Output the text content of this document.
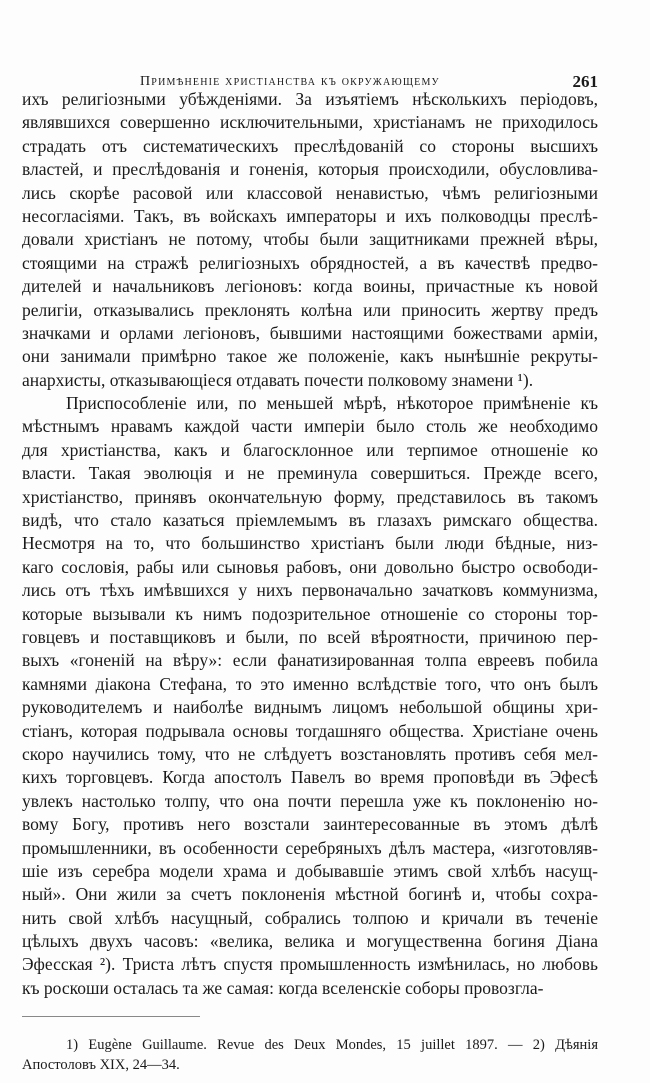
Примѣненіе христіанства къ окружающему	261
ихъ религіозными убѣжденіями. За изъятіемъ нѣсколькихъ періодовъ,
являвшихся совершенно исключительными, христіанамъ не приходилось
страдать отъ систематическихъ преслѣдованій со стороны высшихъ
властей, и преслѣдованія и гоненія, которыя происходили, обусловлива-
лись скорѣе расовой или классовой ненавистью, чѣмъ религіозными
несогласіями. Такъ, въ войскахъ императоры и ихъ полководцы преслѣ-
довали христіанъ не потому, чтобы были защитниками прежней вѣры,
стоящими на стражѣ религіозныхъ обрядностей, а въ качествѣ предво-
дителей и начальниковъ легіоновъ: когда воины, причастные къ новой
религіи, отказывались преклонять колѣна или приносить жертву предъ
значками и орлами легіоновъ, бывшими настоящими божествами арміи,
они занимали примѣрно такое же положеніе, какъ нынѣшніе рекруты-
анархисты, отказывающіеся отдавать почести полковому знамени ¹).
Приспособленіе или, по меньшей мѣрѣ, нѣкоторое примѣненіе къ
мѣстнымъ нравамъ каждой части имперіи было столь же необходимо
для христіанства, какъ и благосклонное или терпимое отношеніе ко
власти. Такая эволюція и не преминула совершиться. Прежде всего,
христіанство, принявъ окончательную форму, представилось въ такомъ
видѣ, что стало казаться пріемлемымъ въ глазахъ римскаго общества.
Несмотря на то, что большинство христіанъ были люди бѣдные, низ-
каго сословія, рабы или сыновья рабовъ, они довольно быстро освободи-
лись отъ тѣхъ имѣвшихся у нихъ первоначально зачатковъ коммунизма,
которые вызывали къ нимъ подозрительное отношеніе со стороны тор-
говцевъ и поставщиковъ и были, по всей вѣроятности, причиною пер-
выхъ «гоненій на вѣру»: если фанатизированная толпа евреевъ побила
камнями діакона Стефана, то это именно вслѣдствіе того, что онъ былъ
руководителемъ и наиболѣе виднымъ лицомъ небольшой общины хри-
стіанъ, которая подрывала основы тогдашняго общества. Христіане очень
скоро научились тому, что не слѣдуетъ возстановлять противъ себя мел-
кихъ торговцевъ. Когда апостолъ Павелъ во время проповѣди въ Эфесѣ
увлекъ настолько толпу, что она почти перешла уже къ поклоненію но-
вому Богу, противъ него возстали заинтересованные въ этомъ дѣлѣ
промышленники, въ особенности серебряныхъ дѣлъ мастера, «изготовляв-
шіе изъ серебра модели храма и добывавшіе этимъ свой хлѣбъ насущ-
ный». Они жили за счетъ поклоненія мѣстной богинѣ и, чтобы сохра-
нить свой хлѣбъ насущный, собрались толпою и кричали въ теченіе
цѣлыхъ двухъ часовъ: «велика, велика и могущественна богиня Діана
Эфесская ²). Триста лѣтъ спустя промышленность измѣнилась, но любовь
къ роскоши осталась та же самая: когда вселенскіе соборы провозгла-
1) Eugène Guillaume. Revue des Deux Mondes, 15 juillet 1897. — 2) Дѣянія
Апостоловъ XIX, 24—34.
